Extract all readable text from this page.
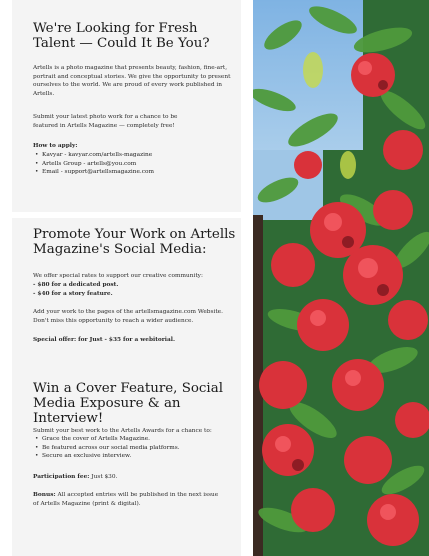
We're Looking for Fresh Talent — Could It Be You?

Artells is a photo magazine that presents beauty, fashion, fine-art, portrait and conceptual stories. We give the opportunity to present ourselves to the world. We are proud of every work published in Artells.

Submit your latest photo work for a chance to be featured in Artells Magazine — completely free!

How to apply:

• Kavyar - kavyar.com/artells-magazine
• Artells Group - artells@you.com
• Email - support@artellsmagazine.com
Promote Your Work on Artells Magazine's Social Media:

We offer special rates to support our creative community:

- $80 for a dedicated post.

- $40 for a story feature.

Add your work to the pages of the artellsmagazine.com Website. Don't miss this opportunity to reach a wider audience.

Special offer: for Just - $35 for a webitorial.

Win a Cover Feature, Social Media Exposure & an Interview!

Submit your best work to the Artells Awards for a chance to:

• Grace the cover of Artells Magazine.
• Be featured across our social media platforms.
• Secure an exclusive interview.

Participation fee: Just $30.

Bonus: All accepted entries will be published in the next issue of Artells Magazine (print & digital).
